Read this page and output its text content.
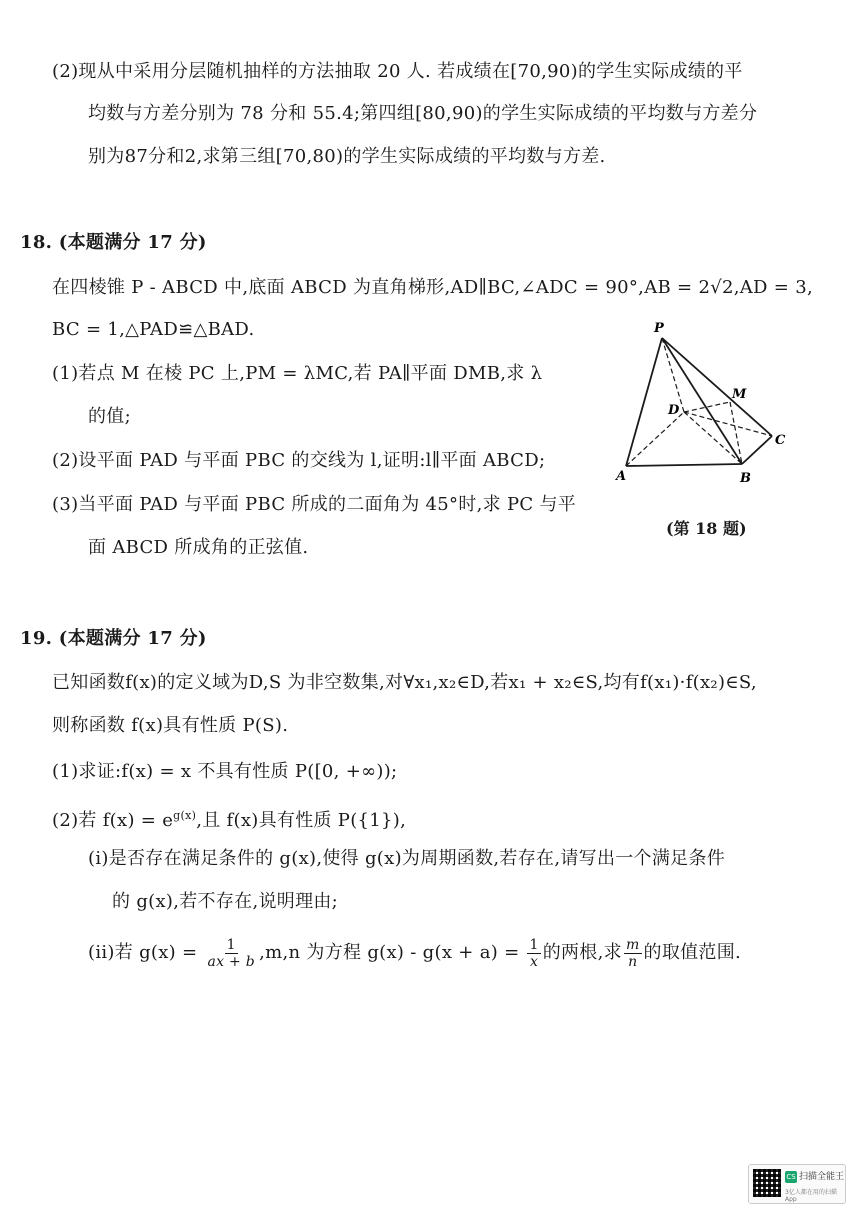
(2)现从中采用分层随机抽样的方法抽取 20 人. 若成绩在[70,90)的学生实际成绩的平
均数与方差分别为 78 分和 55.4;第四组[80,90)的学生实际成绩的平均数与方差分
别为87分和2,求第三组[70,80)的学生实际成绩的平均数与方差.
18. (本题满分 17 分)
在四棱锥 P - ABCD 中,底面 ABCD 为直角梯形,AD∥BC,∠ADC = 90°,AB = 2√2,AD = 3,
BC = 1,△PAD≌△BAD.
(1)若点 M 在棱 PC 上,PM = λMC,若 PA∥平面 DMB,求 λ
的值;
(2)设平面 PAD 与平面 PBC 的交线为 l,证明:l∥平面 ABCD;
(3)当平面 PAD 与平面 PBC 所成的二面角为 45°时,求 PC 与平
面 ABCD 所成角的正弦值.
P
D
M
C
A	B
(第 18 题)
19. (本题满分 17 分)
已知函数f(x)的定义域为D,S 为非空数集,对∀x₁,x₂∈D,若x₁ + x₂∈S,均有f(x₁)·f(x₂)∈S,
则称函数 f(x)具有性质 P(S).
(1)求证:f(x) = x 不具有性质 P([0, +∞));
(2)若 $f(x) = e^{g(x)}$,且 f(x)具有性质 P({1}),
(i)是否存在满足条件的 g(x),使得 g(x)为周期函数,若存在,请写出一个满足条件
的 g(x),若不存在,说明理由;
(ii)若 $g(x) = \frac{1}{ax + b} ,m,n$ 为方程 $g(x) - g(x + a) = \frac{1}{x}$ 的两根,求 $\frac{m}{n}$ 的取值范围.
CS 扫描全能王
3亿人都在用的扫描App
